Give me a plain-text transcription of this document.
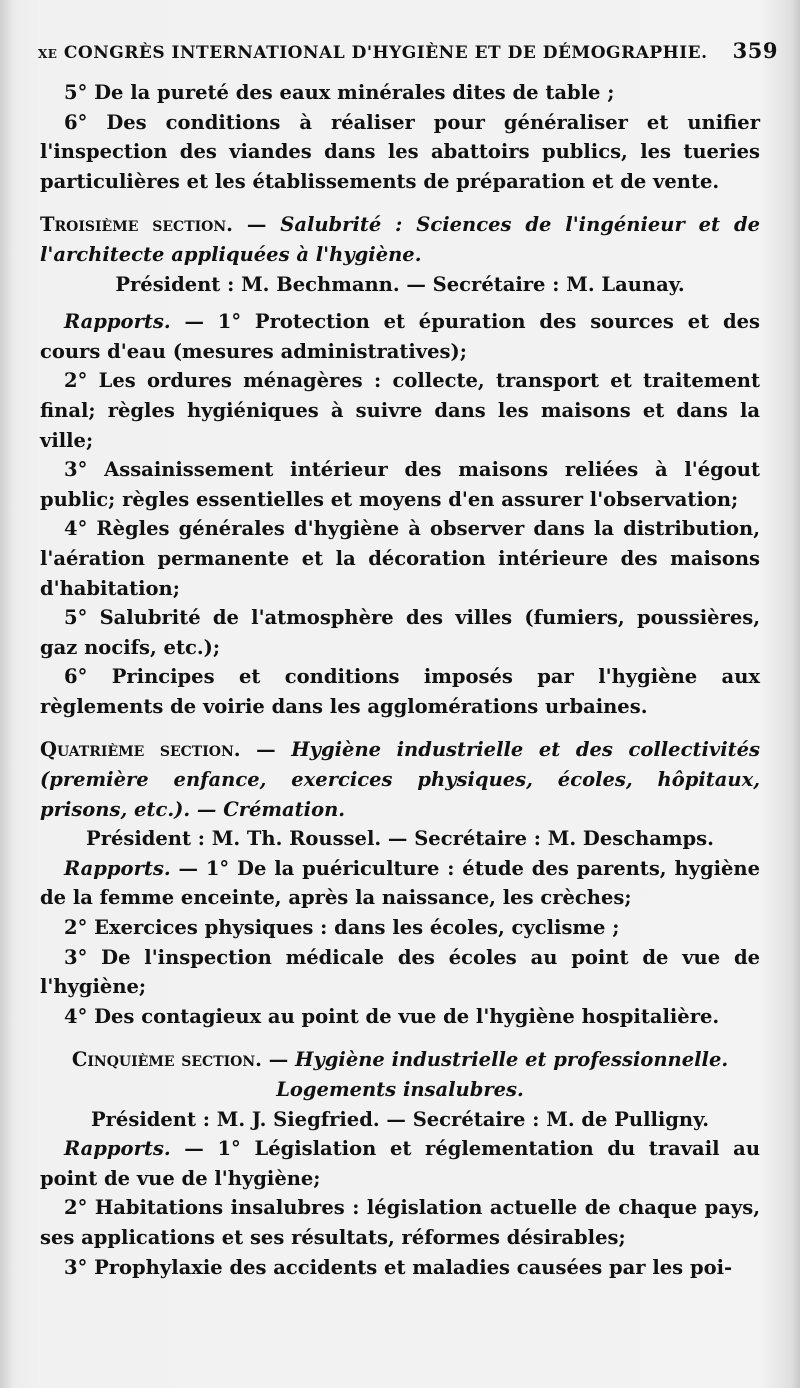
xe CONGRÈS INTERNATIONAL D'HYGIÈNE ET DE DÉMOGRAPHIE. 359

5° De la pureté des eaux minérales dites de table ;

6° Des conditions à réaliser pour généraliser et unifier l'inspection des viandes dans les abattoirs publics, les tueries particulières et les établissements de préparation et de vente.

Troisième section. — Salubrité : Sciences de l'ingénieur et de l'architecte appliquées à l'hygiène.

Président : M. Bechmann. — Secrétaire : M. Launay.

Rapports. — 1° Protection et épuration des sources et des cours d'eau (mesures administratives);

2° Les ordures ménagères : collecte, transport et traitement final; règles hygiéniques à suivre dans les maisons et dans la ville;

3° Assainissement intérieur des maisons reliées à l'égout public; règles essentielles et moyens d'en assurer l'observation;

4° Règles générales d'hygiène à observer dans la distribution, l'aération permanente et la décoration intérieure des maisons d'habitation;

5° Salubrité de l'atmosphère des villes (fumiers, poussières, gaz nocifs, etc.);

6° Principes et conditions imposés par l'hygiène aux règlements de voirie dans les agglomérations urbaines.

Quatrième section. — Hygiène industrielle et des collectivités (première enfance, exercices physiques, écoles, hôpitaux, prisons, etc.). — Crémation.

Président : M. Th. Roussel. — Secrétaire : M. Deschamps.

Rapports. — 1° De la puériculture : étude des parents, hygiène de la femme enceinte, après la naissance, les crèches;

2° Exercices physiques : dans les écoles, cyclisme ;

3° De l'inspection médicale des écoles au point de vue de l'hygiène;

4° Des contagieux au point de vue de l'hygiène hospitalière.

Cinquième section. — Hygiène industrielle et professionnelle.

Logements insalubres.

Président : M. J. Siegfried. — Secrétaire : M. de Pulligny.

Rapports. — 1° Législation et réglementation du travail au point de vue de l'hygiène;

2° Habitations insalubres : législation actuelle de chaque pays, ses applications et ses résultats, réformes désirables;

3° Prophylaxie des accidents et maladies causées par les poi-
